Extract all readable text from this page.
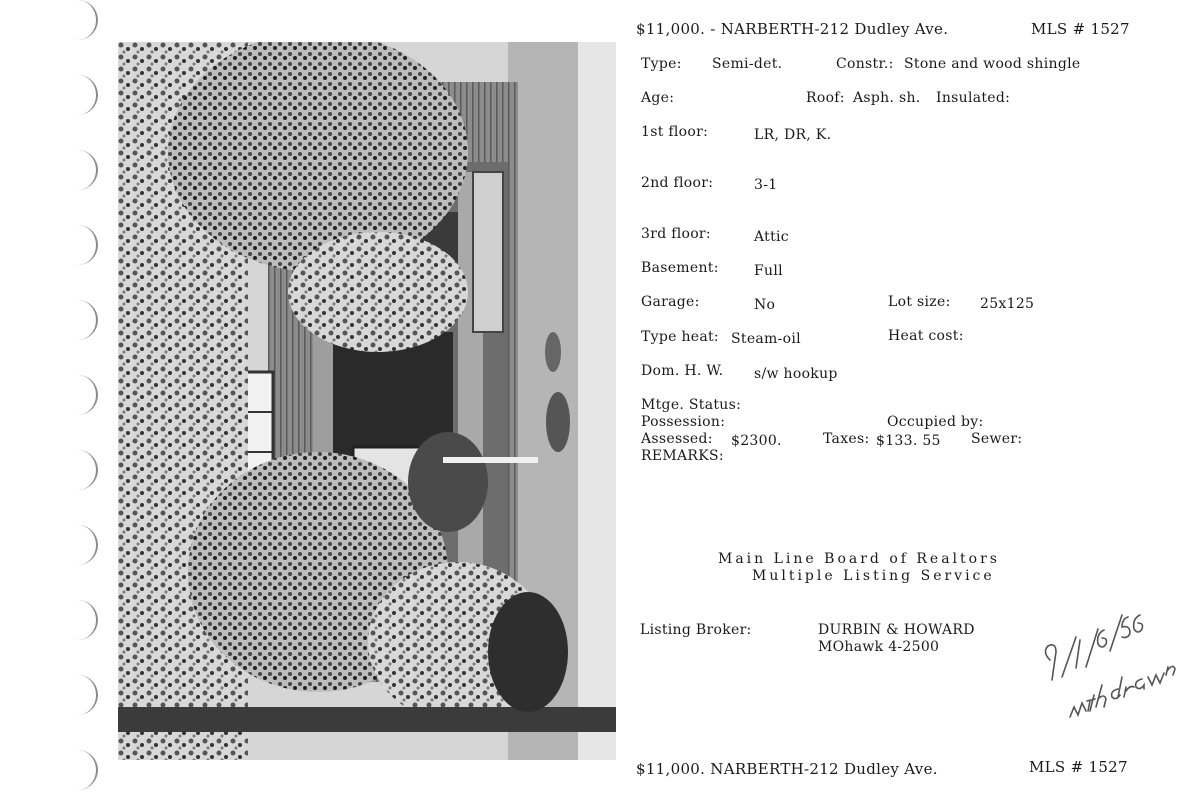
$11,000. - NARBERTH-212 Dudley Ave.	MLS # 1527
Type: Semi-det.	Constr.: Stone and wood shingle
Age:	Roof: Asph. sh. Insulated:
1st floor:	LR, DR, K.
2nd floor:	3-1
3rd floor:	Attic
Basement:	Full
Garage:	No	Lot size: 25x125
Type heat: Steam-oil	Heat cost:
Dom. H. W. s/w hookup
Mtge. Status:
Possession:	Occupied by:
Assessed: $2300.	Taxes: $133. 55 Sewer:
REMARKS:
Main Line Board of Realtors
Multiple Listing Service
Listing Broker:	DURBIN & HOWARD
MOhawk 4-2500
$11,000. NARBERTH-212 Dudley Ave.	MLS # 1527
